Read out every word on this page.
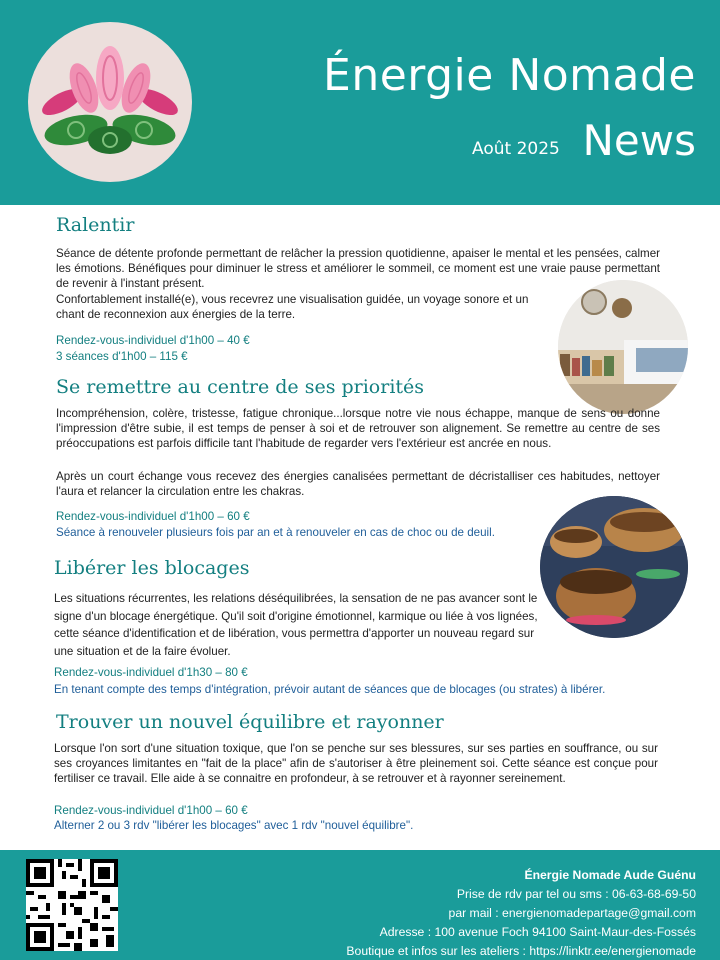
Énergie Nomade
Août 2025 News
Ralentir

Séance de détente profonde permettant de relâcher la pression quotidienne, apaiser le mental et les pensées, calmer les émotions. Bénéfiques pour diminuer le stress et améliorer le sommeil, ce moment est une vraie pause permettant de revenir à l'instant présent.

Confortablement installé(e), vous recevrez une visualisation guidée, un voyage sonore et un chant de reconnexion aux énergies de la terre.

Rendez-vous-individuel d'1h00 – 40 €
3 séances d'1h00 – 115 €
Se remettre au centre de ses priorités

Incompréhension, colère, tristesse, fatigue chronique...lorsque notre vie nous échappe, manque de sens ou donne l'impression d'être subie, il est temps de penser à soi et de retrouver son alignement. Se remettre au centre de ses préoccupations est parfois difficile tant l'habitude de regarder vers l'extérieur est ancrée en nous.

Après un court échange vous recevez des énergies canalisées permettant de décristalliser ces habitudes, nettoyer l'aura et relancer la circulation entre les chakras.

Rendez-vous-individuel d'1h00 – 60 €
Séance à renouveler plusieurs fois par an et à renouveler en cas de choc ou de deuil.
Libérer les blocages

Les situations récurrentes, les relations déséquilibrées, la sensation de ne pas avancer sont le signe d'un blocage énergétique. Qu'il soit d'origine émotionnel, karmique ou liée à vos lignées, cette séance d'identification et de libération, vous permettra d'apporter un nouveau regard sur une situation et de la faire évoluer.

Rendez-vous-individuel d'1h30 – 80 €
En tenant compte des temps d'intégration, prévoir autant de séances que de blocages (ou strates) à libérer.
Trouver un nouvel équilibre et rayonner

Lorsque l'on sort d'une situation toxique, que l'on se penche sur ses blessures, sur ses parties en souffrance, ou sur ses croyances limitantes en "fait de la place" afin de s'autoriser à être pleinement soi. Cette séance est conçue pour fertiliser ce travail. Elle aide à se connaitre en profondeur, à se retrouver et à rayonner sereinement.

Rendez-vous-individuel d'1h00 – 60 €
Alterner 2 ou 3 rdv "libérer les blocages" avec 1 rdv "nouvel équilibre".
Énergie Nomade Aude Guénu
Prise de rdv par tel ou sms : 06-63-68-69-50
par mail : energienomadepartage@gmail.com
Adresse : 100 avenue Foch 94100 Saint-Maur-des-Fossés
Boutique et infos sur les ateliers : https://linktr.ee/energienomade
